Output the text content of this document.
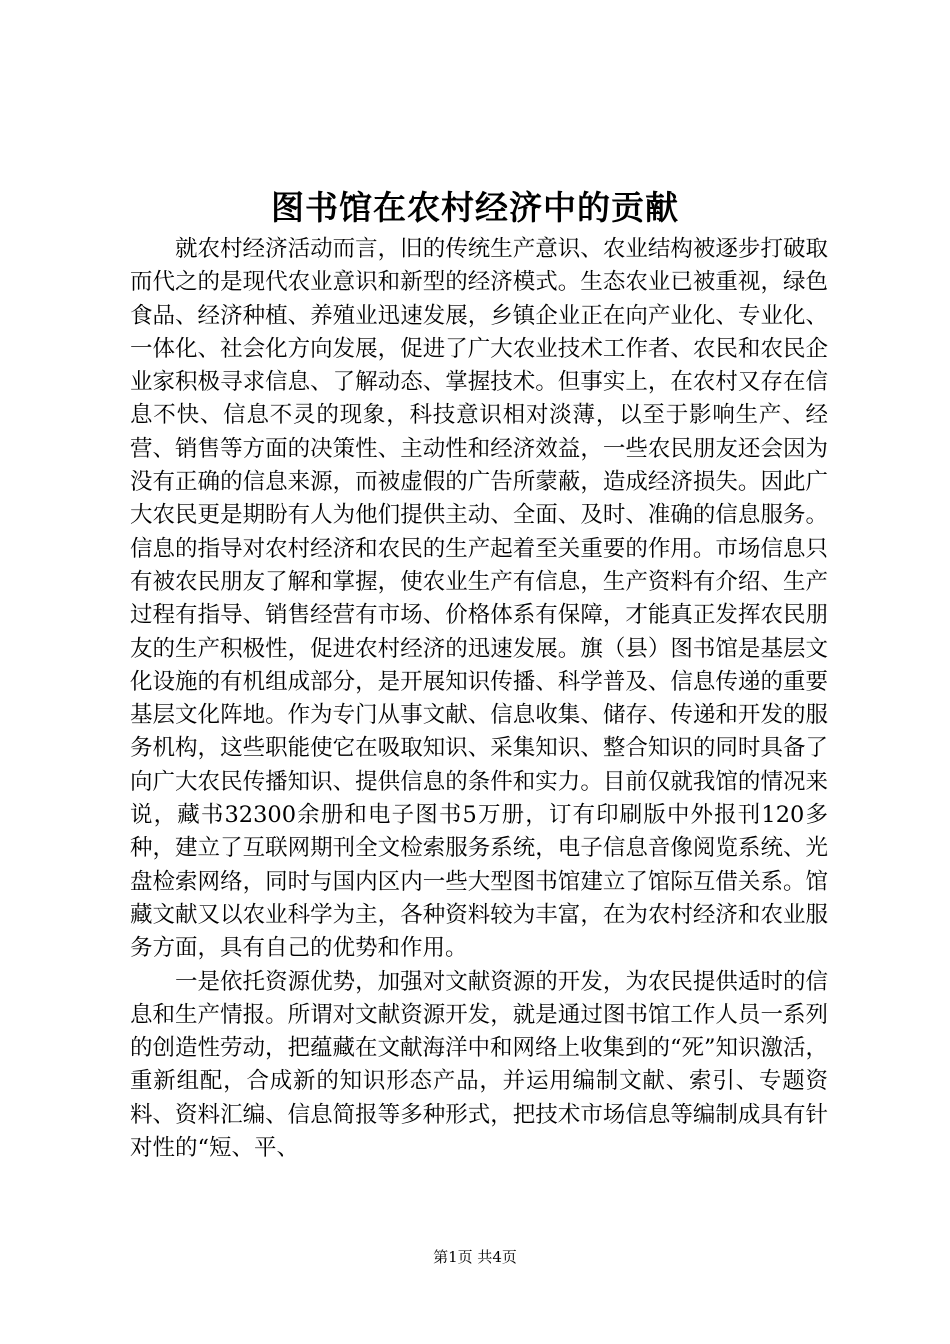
图书馆在农村经济中的贡献

就农村经济活动而言，旧的传统生产意识、农业结构被逐步打破取而代之的是现代农业意识和新型的经济模式。生态农业已被重视，绿色食品、经济种植、养殖业迅速发展，乡镇企业正在向产业化、专业化、一体化、社会化方向发展，促进了广大农业技术工作者、农民和农民企业家积极寻求信息、了解动态、掌握技术。但事实上，在农村又存在信息不快、信息不灵的现象，科技意识相对淡薄，以至于影响生产、经营、销售等方面的决策性、主动性和经济效益，一些农民朋友还会因为没有正确的信息来源，而被虚假的广告所蒙蔽，造成经济损失。因此广大农民更是期盼有人为他们提供主动、全面、及时、准确的信息服务。信息的指导对农村经济和农民的生产起着至关重要的作用。市场信息只有被农民朋友了解和掌握，使农业生产有信息，生产资料有介绍、生产过程有指导、销售经营有市场、价格体系有保障，才能真正发挥农民朋友的生产积极性，促进农村经济的迅速发展。旗（县）图书馆是基层文化设施的有机组成部分，是开展知识传播、科学普及、信息传递的重要基层文化阵地。作为专门从事文献、信息收集、储存、传递和开发的服务机构，这些职能使它在吸取知识、采集知识、整合知识的同时具备了向广大农民传播知识、提供信息的条件和实力。目前仅就我馆的情况来说，藏书32300余册和电子图书5万册，订有印刷版中外报刊120多种，建立了互联网期刊全文检索服务系统，电子信息音像阅览系统、光盘检索网络，同时与国内区内一些大型图书馆建立了馆际互借关系。馆藏文献又以农业科学为主，各种资料较为丰富，在为农村经济和农业服务方面，具有自己的优势和作用。

一是依托资源优势，加强对文献资源的开发，为农民提供适时的信息和生产情报。所谓对文献资源开发，就是通过图书馆工作人员一系列的创造性劳动，把蕴藏在文献海洋中和网络上收集到的“死”知识激活，重新组配，合成新的知识形态产品，并运用编制文献、索引、专题资料、资料汇编、信息简报等多种形式，把技术市场信息等编制成具有针对性的“短、平、

第1页 共4页
